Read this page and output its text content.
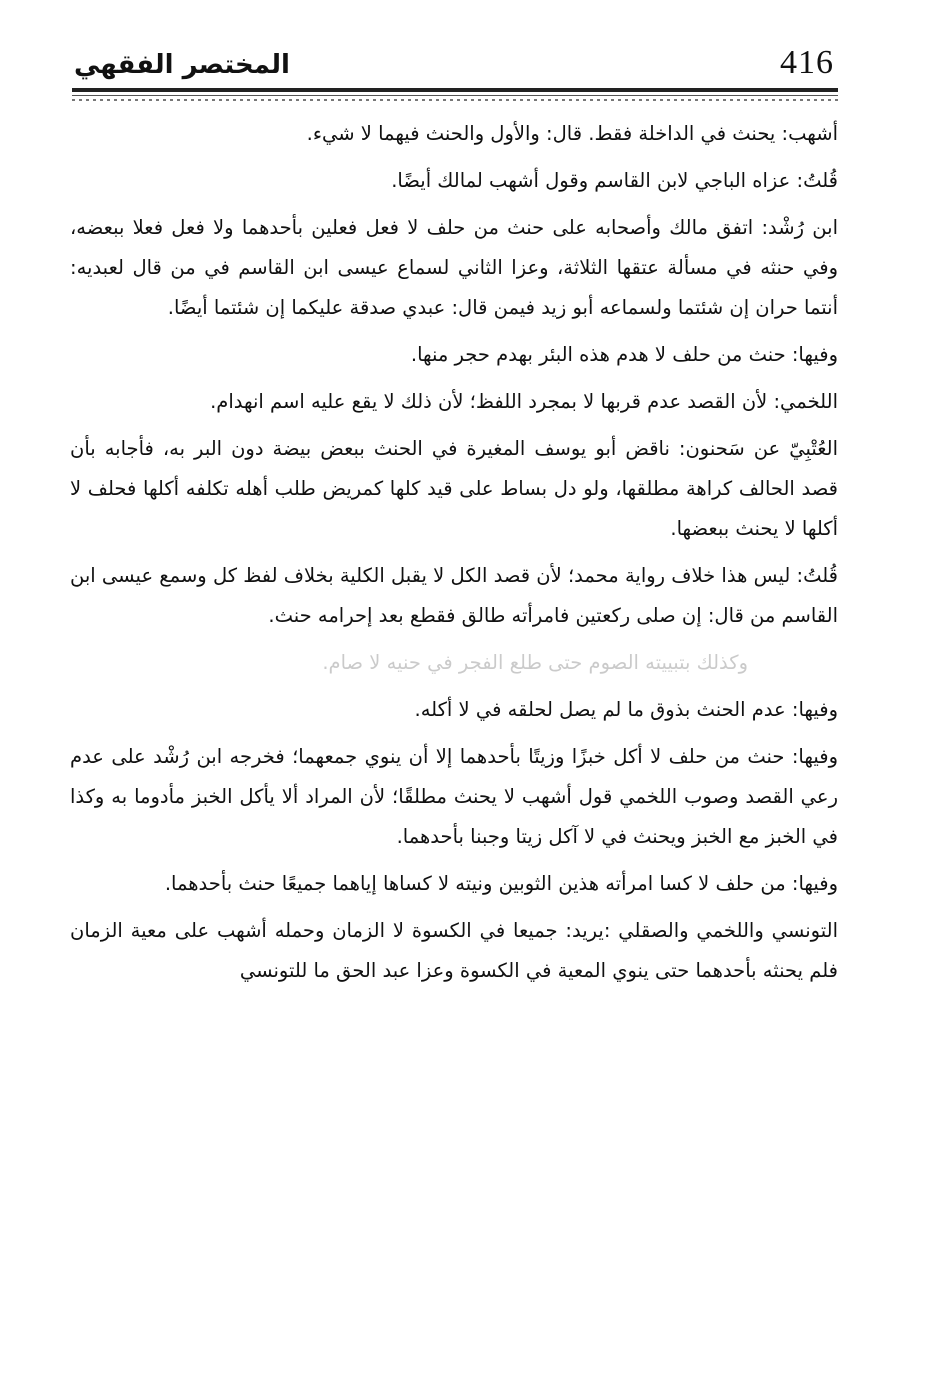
416
المختصر الفقهي

أشهب: يحنث في الداخلة فقط. قال: والأول والحنث فيهما لا شيء.

قُلتُ: عزاه الباجي لابن القاسم وقول أشهب لمالك أيضًا.

ابن رُشْد: اتفق مالك وأصحابه على حنث من حلف لا فعل فعلين بأحدهما ولا فعل فعلا ببعضه، وفي حنثه في مسألة عتقها الثلاثة، وعزا الثاني لسماع عيسى ابن القاسم في من قال لعبديه: أنتما حران إن شئتما ولسماعه أبو زيد فيمن قال: عبدي صدقة عليكما إن شئتما أيضًا.

وفيها: حنث من حلف لا هدم هذه البئر بهدم حجر منها.

اللخمي: لأن القصد عدم قربها لا بمجرد اللفظ؛ لأن ذلك لا يقع عليه اسم انهدام.

العُتْبِيّ عن سَحنون: ناقض أبو يوسف المغيرة في الحنث ببعض بيضة دون البر به، فأجابه بأن قصد الحالف كراهة مطلقها، ولو دل بساط على قيد كلها كمريض طلب أهله تكلفه أكلها فحلف لا أكلها لا يحنث ببعضها.

قُلتُ: ليس هذا خلاف رواية محمد؛ لأن قصد الكل لا يقبل الكلية بخلاف لفظ كل وسمع عيسى ابن القاسم من قال: إن صلى ركعتين فامرأته طالق فقطع بعد إحرامه حنث.

وكذلك بتبييته الصوم حتى طلع الفجر في حنيه لا صام.

وفيها: عدم الحنث بذوق ما لم يصل لحلقه في لا أكله.

وفيها: حنث من حلف لا أكل خبزًا وزيتًا بأحدهما إلا أن ينوي جمعهما؛ فخرجه ابن رُشْد على عدم رعي القصد وصوب اللخمي قول أشهب لا يحنث مطلقًا؛ لأن المراد ألا يأكل الخبز مأدوما به وكذا في الخبز مع الخبز ويحنث في لا آكل زيتا وجبنا بأحدهما.

وفيها: من حلف لا كسا امرأته هذين الثوبين ونيته لا كساها إياهما جميعًا حنث بأحدهما.

التونسي واللخمي والصقلي :يريد: جميعا في الكسوة لا الزمان وحمله أشهب على معية الزمان فلم يحنثه بأحدهما حتى ينوي المعية في الكسوة وعزا عبد الحق ما للتونسي
